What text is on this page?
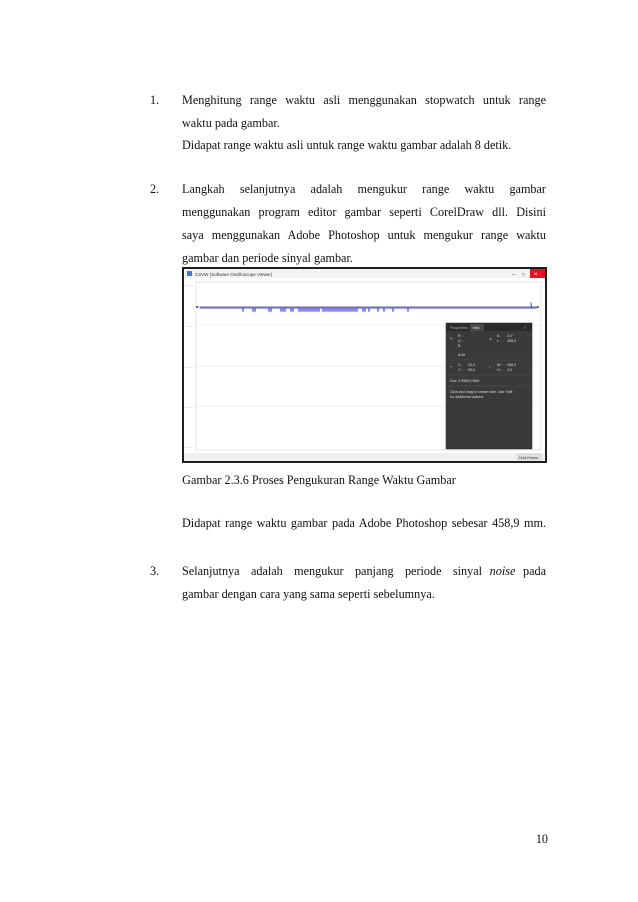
1. Menghitung range waktu asli menggunakan stopwatch untuk range
waktu pada gambar.
Didapat range waktu asli untuk range waktu gambar adalah 8 detik.
2. Langkah selanjutnya adalah mengukur range waktu gambar
menggunakan program editor gambar seperti CorelDraw dll. Disini
saya menggunakan Adobe Photoshop untuk mengukur range waktu
gambar dan periode sinyal gambar.
CSVW (Software Oscilloscope Viewer)	– □ ×
— —
— —
— —
— —
— —
Properties Info	≡
✎
R :
G :
B :
8-bit
∠
A : 0,0°
L : 458,9
+ X : 24,9
Y : 69,6
⌐ W : 458,9
H : 0,0
Doc: 2,95M/2,95M
Click and drag to create ruler. Use Shift for additional options.
Hold Freeze
Gambar 2.3.6 Proses Pengukuran Range Waktu Gambar
Didapat range waktu gambar pada Adobe Photoshop sebesar 458,9 mm.
3. Selanjutnya adalah mengukur panjang periode sinyal noise pada
gambar dengan cara yang sama seperti sebelumnya.
10
